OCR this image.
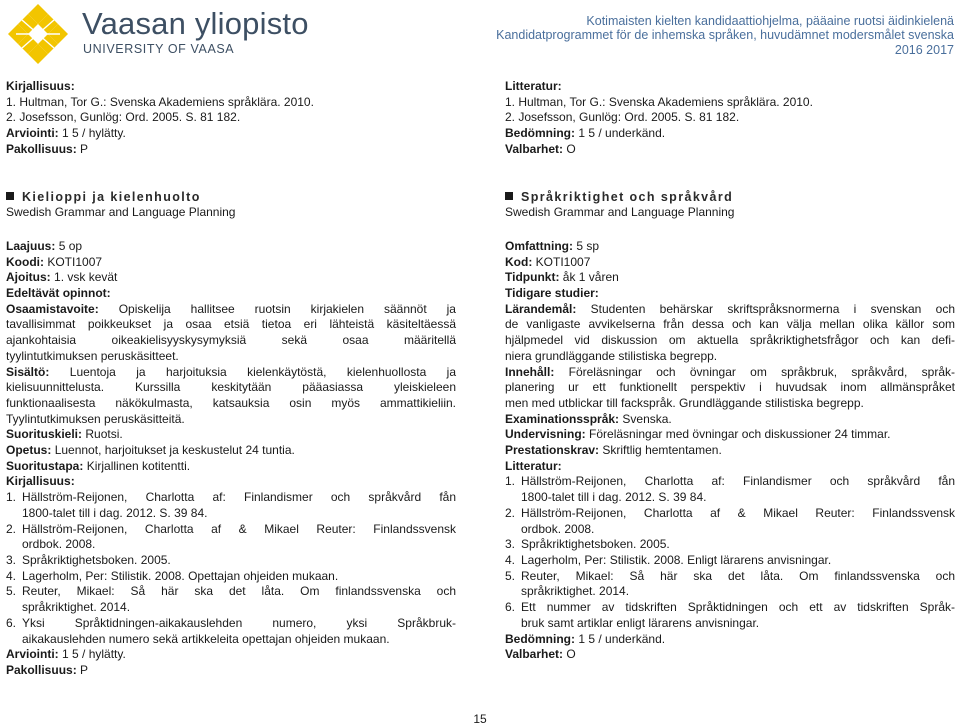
Vaasan yliopisto
UNIVERSITY OF VAASA
Kotimaisten kielten kandidaattiohjelma, pääaine ruotsi äidinkielenä
Kandidatprogrammet för de inhemska språken, huvudämnet modersmålet svenska
2016 2017
Kirjallisuus:
1. Hultman, Tor G.: Svenska Akademiens språklära. 2010.
2. Josefsson, Gunlög: Ord. 2005. S. 81 182.
Arviointi: 1 5 / hylätty.
Pakollisuus: P
Kielioppi ja kielenhuolto
Swedish Grammar and Language Planning
Laajuus: 5 op
Koodi: KOTI1007
Ajoitus: 1. vsk kevät
Edeltävät opinnot:
Osaamistavoite: Opiskelija hallitsee ruotsin kirjakielen säännöt ja
tavallisimmat poikkeukset ja osaa etsiä tietoa eri lähteistä käsiteltäessä
ajankohtaisia oikeakielisyyskysymyksiä sekä osaa määritellä
tyylintutkimuksen peruskäsitteet.
Sisältö: Luentoja ja harjoituksia kielenkäytöstä, kielenhuollosta ja
kielisuunnittelusta. Kurssilla keskitytään pääasiassa yleiskieleen
funktionaalisesta näkökulmasta, katsauksia osin myös ammattikieliin.
Tyylintutkimuksen peruskäsitteitä.
Suorituskieli: Ruotsi.
Opetus: Luennot, harjoitukset ja keskustelut 24 tuntia.
Suoritustapa: Kirjallinen kotitentti.
Kirjallisuus:
1. Hällström-Reijonen, Charlotta af: Finlandismer och språkvård fån
1800-talet till i dag. 2012. S. 39 84.
2. Hällström-Reijonen, Charlotta af & Mikael Reuter: Finlandssvensk
ordbok. 2008.
3. Språkriktighetsboken. 2005.
4. Lagerholm, Per: Stilistik. 2008. Opettajan ohjeiden mukaan.
5. Reuter, Mikael: Så här ska det låta. Om finlandssvenska och
språkriktighet. 2014.
6. Yksi Språktidningen-aikakauslehden numero, yksi Språkbruk-
aikakauslehden numero sekä artikkeleita opettajan ohjeiden mukaan.
Arviointi: 1 5 / hylätty.
Pakollisuus: P
Litteratur:
1. Hultman, Tor G.: Svenska Akademiens språklära. 2010.
2. Josefsson, Gunlög: Ord. 2005. S. 81 182.
Bedömning: 1 5 / underkänd.
Valbarhet: O
Språkriktighet och språkvård
Swedish Grammar and Language Planning
Omfattning: 5 sp
Kod: KOTI1007
Tidpunkt: åk 1 våren
Tidigare studier:
Lärandemål: Studenten behärskar skriftspråksnormerna i svenskan och
de vanligaste avvikelserna från dessa och kan välja mellan olika källor som
hjälpmedel vid diskussion om aktuella språkriktighetsfrågor och kan defi-
niera grundläggande stilistiska begrepp.
Innehåll: Föreläsningar och övningar om språkbruk, språkvård, språk-
planering ur ett funktionellt perspektiv i huvudsak inom allmänspråket
men med utblickar till fackspråk. Grundläggande stilistiska begrepp.
Examinationsspråk: Svenska.
Undervisning: Föreläsningar med övningar och diskussioner 24 timmar.
Prestationskrav: Skriftlig hemtentamen.
Litteratur:
1. Hällström-Reijonen, Charlotta af: Finlandismer och språkvård fån
1800-talet till i dag. 2012. S. 39 84.
2. Hällström-Reijonen, Charlotta af & Mikael Reuter: Finlandssvensk
ordbok. 2008.
3. Språkriktighetsboken. 2005.
4. Lagerholm, Per: Stilistik. 2008. Enligt lärarens anvisningar.
5. Reuter, Mikael: Så här ska det låta. Om finlandssvenska och
språkriktighet. 2014.
6. Ett nummer av tidskriften Språktidningen och ett av tidskriften Språk-
bruk samt artiklar enligt lärarens anvisningar.
Bedömning: 1 5 / underkänd.
Valbarhet: O
15
